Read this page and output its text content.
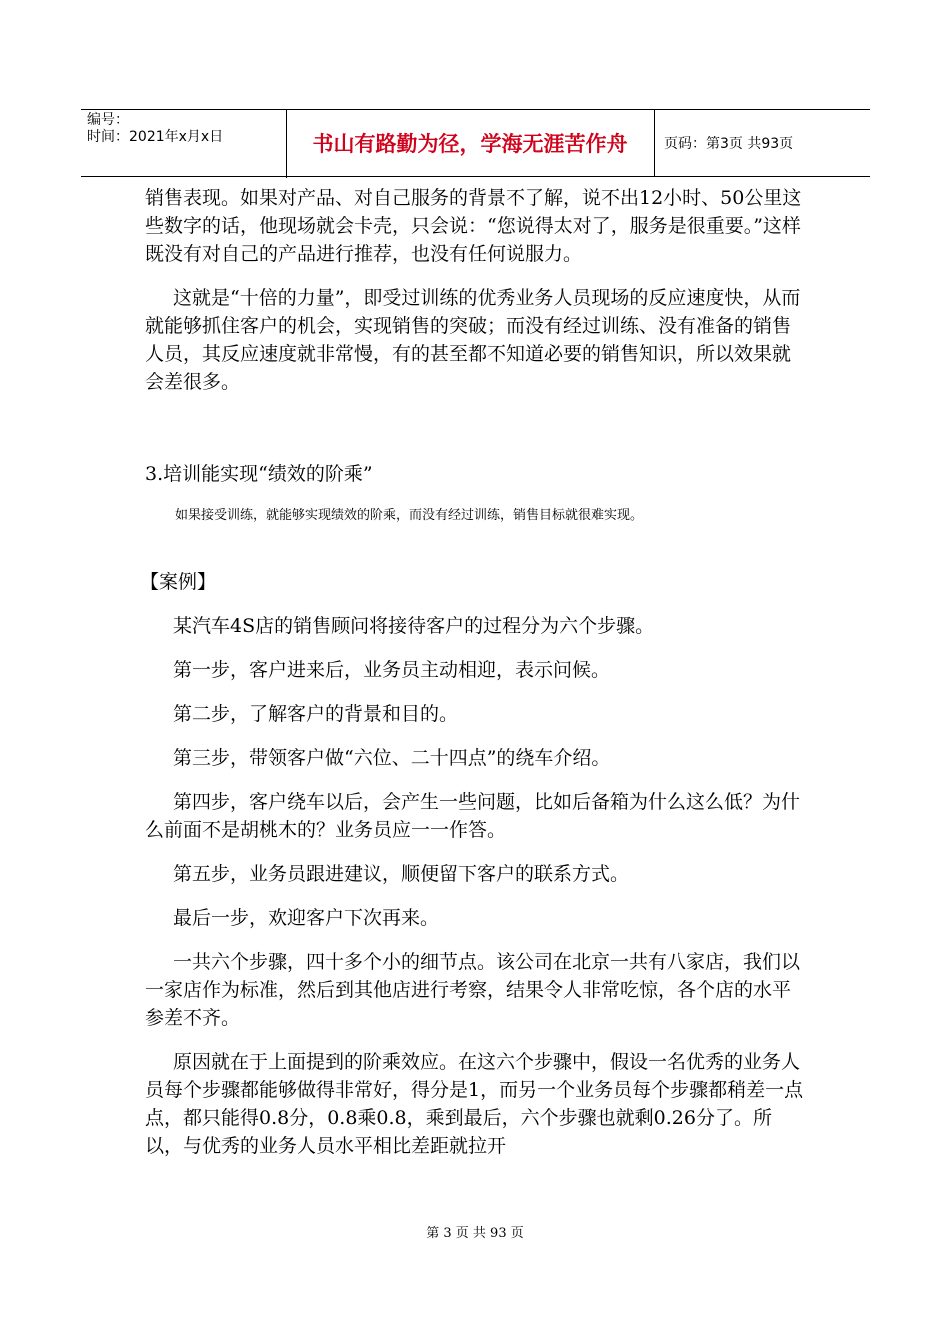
编号：
时间：2021年x月x日	书山有路勤为径，学海无涯苦作舟	页码：第3页 共93页

销售表现。如果对产品、对自己服务的背景不了解，说不出12小时、50公里这些数字的话，他现场就会卡壳，只会说：“您说得太对了，服务是很重要。”这样既没有对自己的产品进行推荐，也没有任何说服力。

这就是“十倍的力量”，即受过训练的优秀业务人员现场的反应速度快，从而就能够抓住客户的机会，实现销售的突破；而没有经过训练、没有准备的销售人员，其反应速度就非常慢，有的甚至都不知道必要的销售知识，所以效果就会差很多。

3.培训能实现“绩效的阶乘”

如果接受训练，就能够实现绩效的阶乘，而没有经过训练，销售目标就很难实现。

【案例】

某汽车4S店的销售顾问将接待客户的过程分为六个步骤。

第一步，客户进来后，业务员主动相迎，表示问候。

第二步，了解客户的背景和目的。

第三步，带领客户做“六位、二十四点”的绕车介绍。

第四步，客户绕车以后，会产生一些问题，比如后备箱为什么这么低？为什么前面不是胡桃木的？业务员应一一作答。

第五步，业务员跟进建议，顺便留下客户的联系方式。

最后一步，欢迎客户下次再来。

一共六个步骤，四十多个小的细节点。该公司在北京一共有八家店，我们以一家店作为标准，然后到其他店进行考察，结果令人非常吃惊，各个店的水平参差不齐。

原因就在于上面提到的阶乘效应。在这六个步骤中，假设一名优秀的业务人员每个步骤都能够做得非常好，得分是1，而另一个业务员每个步骤都稍差一点点，都只能得0.8分，0.8乘0.8，乘到最后，六个步骤也就剩0.26分了。所以，与优秀的业务人员水平相比差距就拉开

第 3 页 共 93 页
